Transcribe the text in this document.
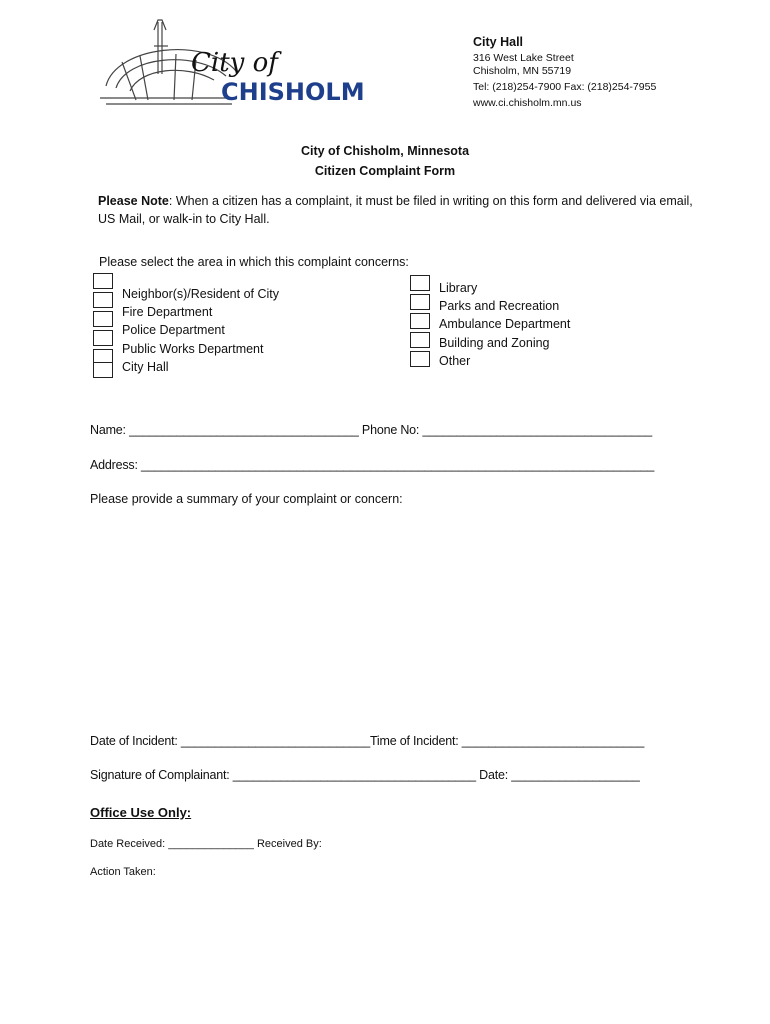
City of
CHISHOLM
City Hall
316 West Lake Street
Chisholm, MN 55719
Tel: (218)254-7900 Fax: (218)254-7955
www.ci.chisholm.mn.us
City of Chisholm, Minnesota
Citizen Complaint Form
Please Note: When a citizen has a complaint, it must be filed in writing on this form and delivered via email, US Mail, or walk-in to City Hall.
Please select the area in which this complaint concerns:
Neighbor(s)/Resident of City
Fire Department
Police Department
Public Works Department
City Hall
Library
Parks and Recreation
Ambulance Department
Building and Zoning
Other
Name: __________________________________ Phone No: __________________________________
Address: ____________________________________________________________________________
Please provide a summary of your complaint or concern:
Date of Incident: ____________________________Time of Incident: ___________________________
Signature of Complainant: ____________________________________ Date: ___________________
Office Use Only:
Date Received: ______________ Received By:
Action Taken:
